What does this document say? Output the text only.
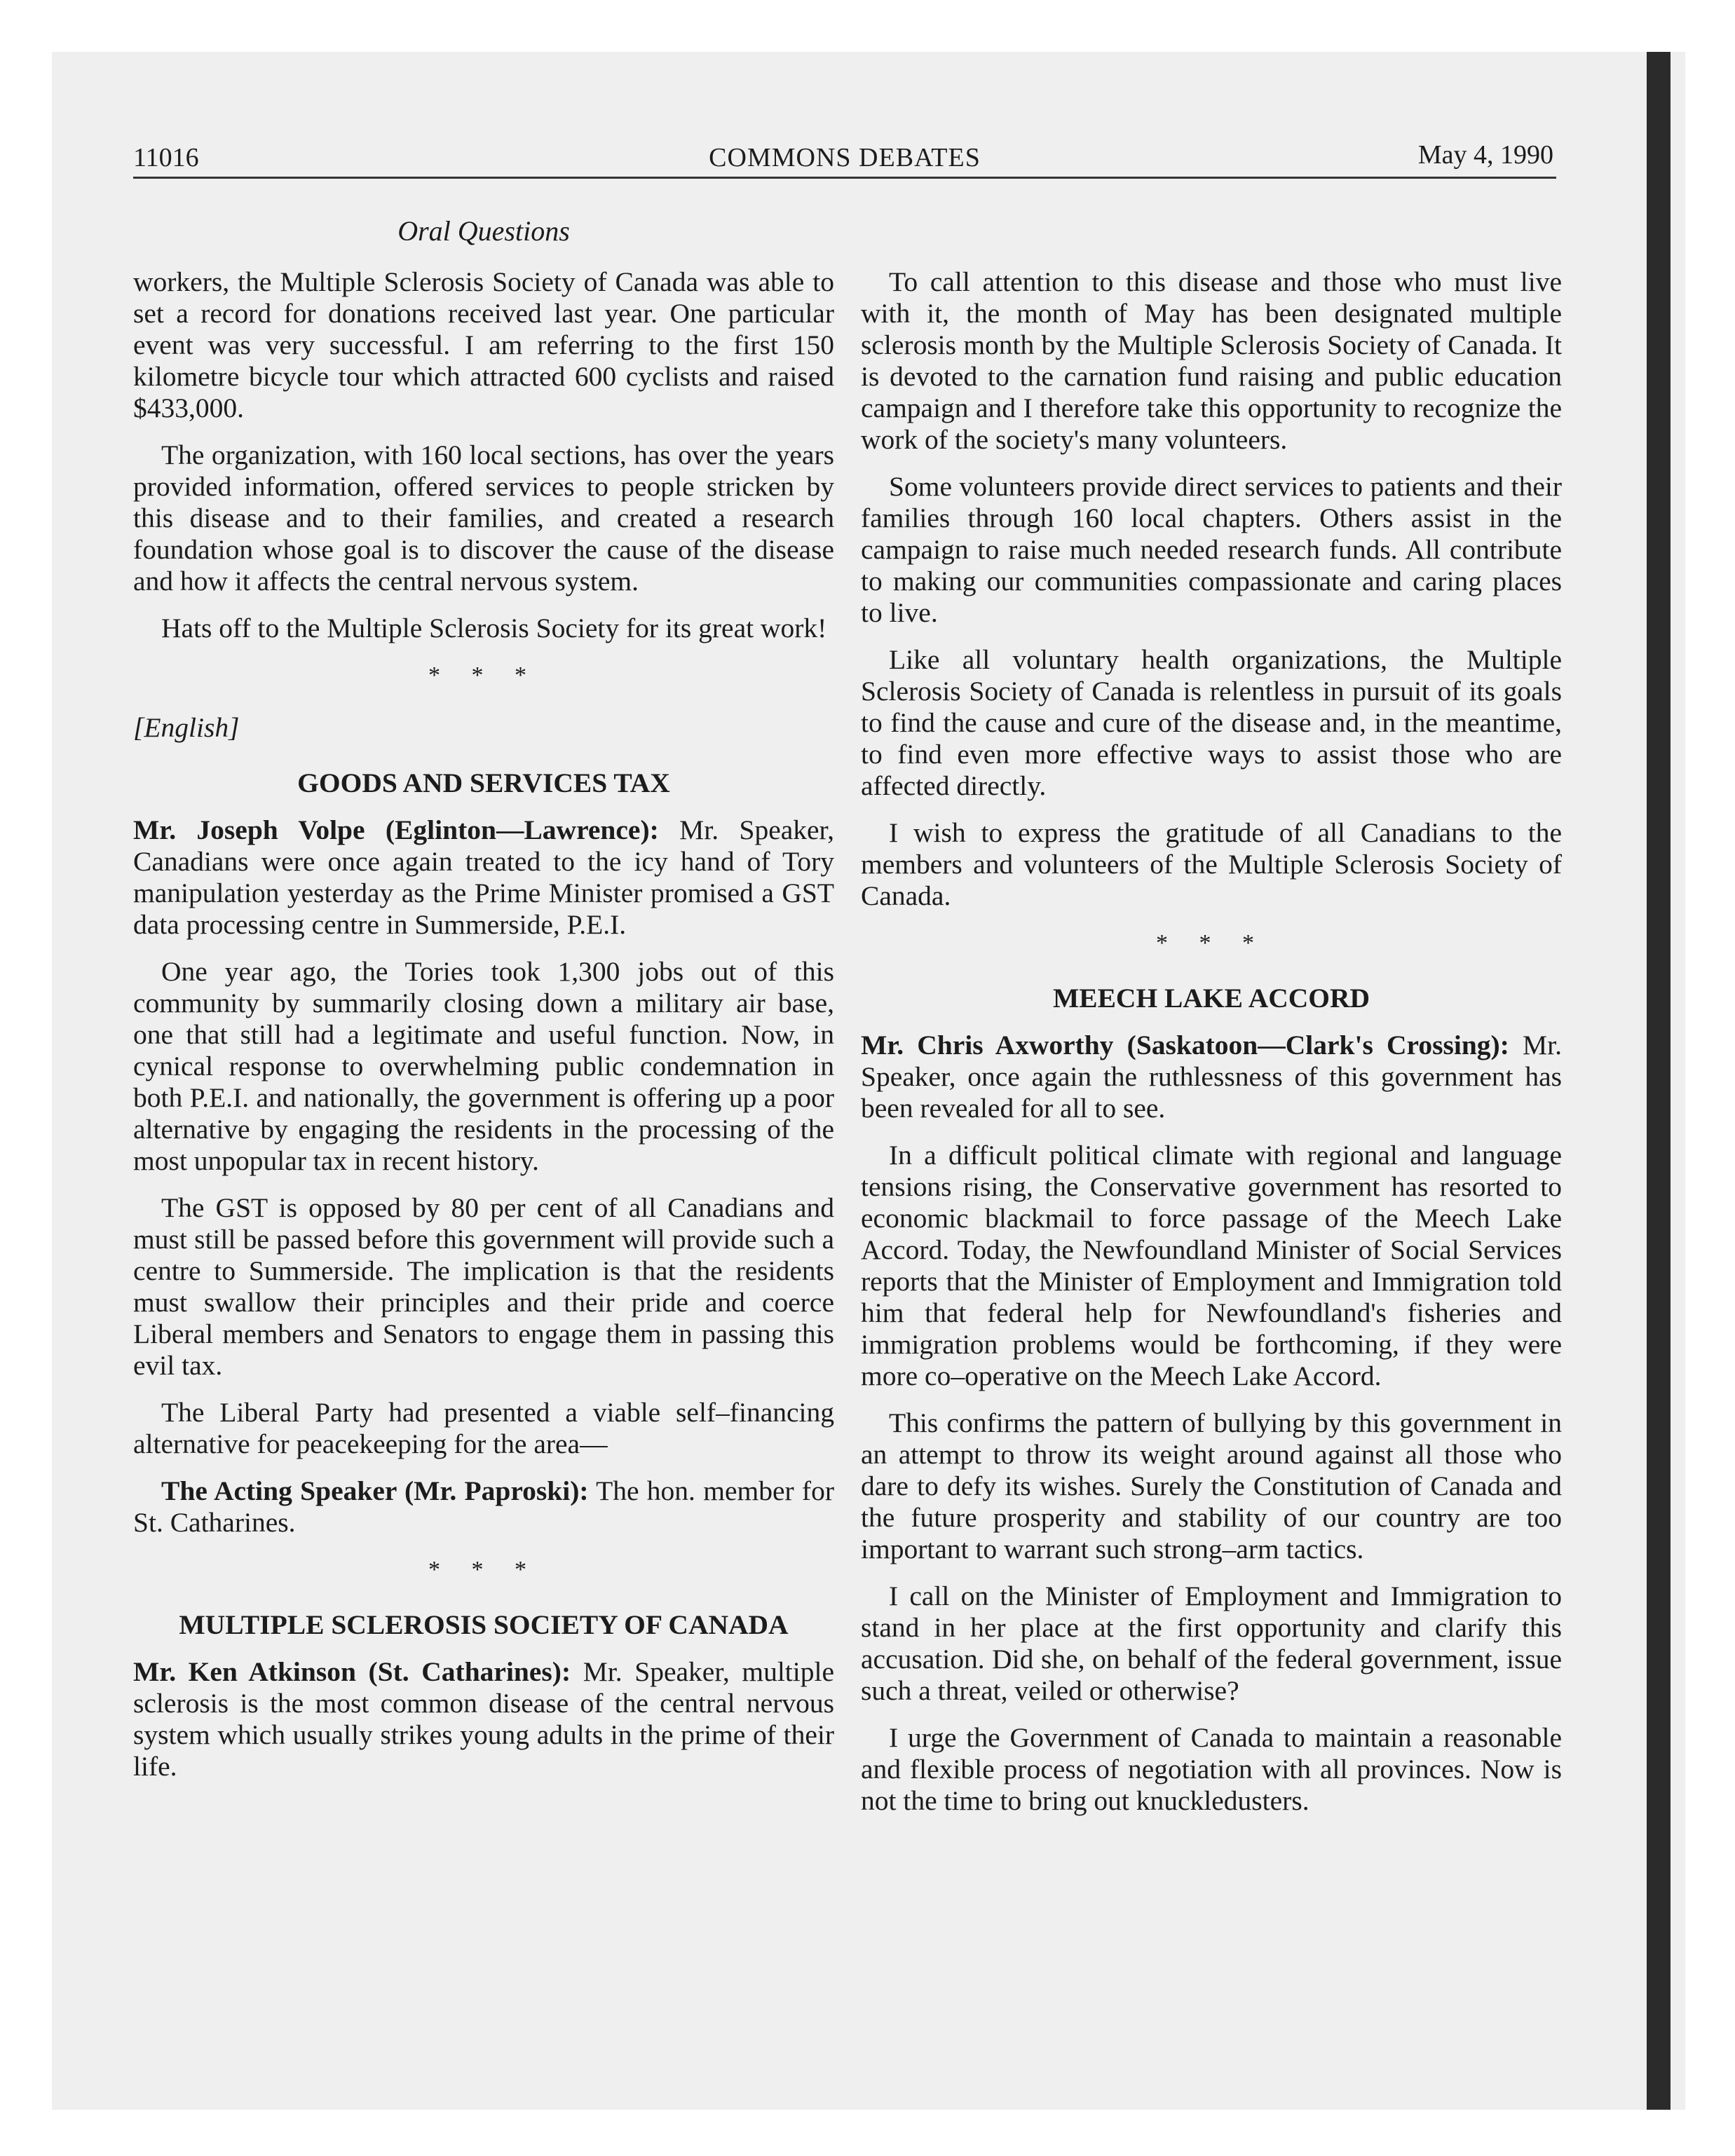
11016	COMMONS DEBATES	May 4, 1990
Oral Questions

workers, the Multiple Sclerosis Society of Canada was able to set a record for donations received last year. One particular event was very successful. I am referring to the first 150 kilometre bicycle tour which attracted 600 cyclists and raised $433,000.

The organization, with 160 local sections, has over the years provided information, offered services to people stricken by this disease and to their families, and created a research foundation whose goal is to discover the cause of the disease and how it affects the central nervous system.

Hats off to the Multiple Sclerosis Society for its great work!

* * *
[English]
GOODS AND SERVICES TAX

Mr. Joseph Volpe (Eglinton—Lawrence): Mr. Speaker, Canadians were once again treated to the icy hand of Tory manipulation yesterday as the Prime Minister promised a GST data processing centre in Summerside, P.E.I.

One year ago, the Tories took 1,300 jobs out of this community by summarily closing down a military air base, one that still had a legitimate and useful function. Now, in cynical response to overwhelming public condemnation in both P.E.I. and nationally, the government is offering up a poor alternative by engaging the residents in the processing of the most unpopular tax in recent history.

The GST is opposed by 80 per cent of all Canadians and must still be passed before this government will provide such a centre to Summerside. The implication is that the residents must swallow their principles and their pride and coerce Liberal members and Senators to engage them in passing this evil tax.

The Liberal Party had presented a viable self–financing alternative for peacekeeping for the area—

The Acting Speaker (Mr. Paproski): The hon. member for St. Catharines.

* * *
MULTIPLE SCLEROSIS SOCIETY OF CANADA

Mr. Ken Atkinson (St. Catharines): Mr. Speaker, multiple sclerosis is the most common disease of the central nervous system which usually strikes young adults in the prime of their life.

To call attention to this disease and those who must live with it, the month of May has been designated multiple sclerosis month by the Multiple Sclerosis Society of Canada. It is devoted to the carnation fund raising and public education campaign and I therefore take this opportunity to recognize the work of the society's many volunteers.

Some volunteers provide direct services to patients and their families through 160 local chapters. Others assist in the campaign to raise much needed research funds. All contribute to making our communities compassionate and caring places to live.

Like all voluntary health organizations, the Multiple Sclerosis Society of Canada is relentless in pursuit of its goals to find the cause and cure of the disease and, in the meantime, to find even more effective ways to assist those who are affected directly.

I wish to express the gratitude of all Canadians to the members and volunteers of the Multiple Sclerosis Society of Canada.

* * *
MEECH LAKE ACCORD

Mr. Chris Axworthy (Saskatoon—Clark's Crossing): Mr. Speaker, once again the ruthlessness of this government has been revealed for all to see.

In a difficult political climate with regional and language tensions rising, the Conservative government has resorted to economic blackmail to force passage of the Meech Lake Accord. Today, the Newfoundland Minister of Social Services reports that the Minister of Employment and Immigration told him that federal help for Newfoundland's fisheries and immigration problems would be forthcoming, if they were more co–operative on the Meech Lake Accord.

This confirms the pattern of bullying by this government in an attempt to throw its weight around against all those who dare to defy its wishes. Surely the Constitution of Canada and the future prosperity and stability of our country are too important to warrant such strong–arm tactics.

I call on the Minister of Employment and Immigration to stand in her place at the first opportunity and clarify this accusation. Did she, on behalf of the federal government, issue such a threat, veiled or otherwise?

I urge the Government of Canada to maintain a reasonable and flexible process of negotiation with all provinces. Now is not the time to bring out knuckledusters.
